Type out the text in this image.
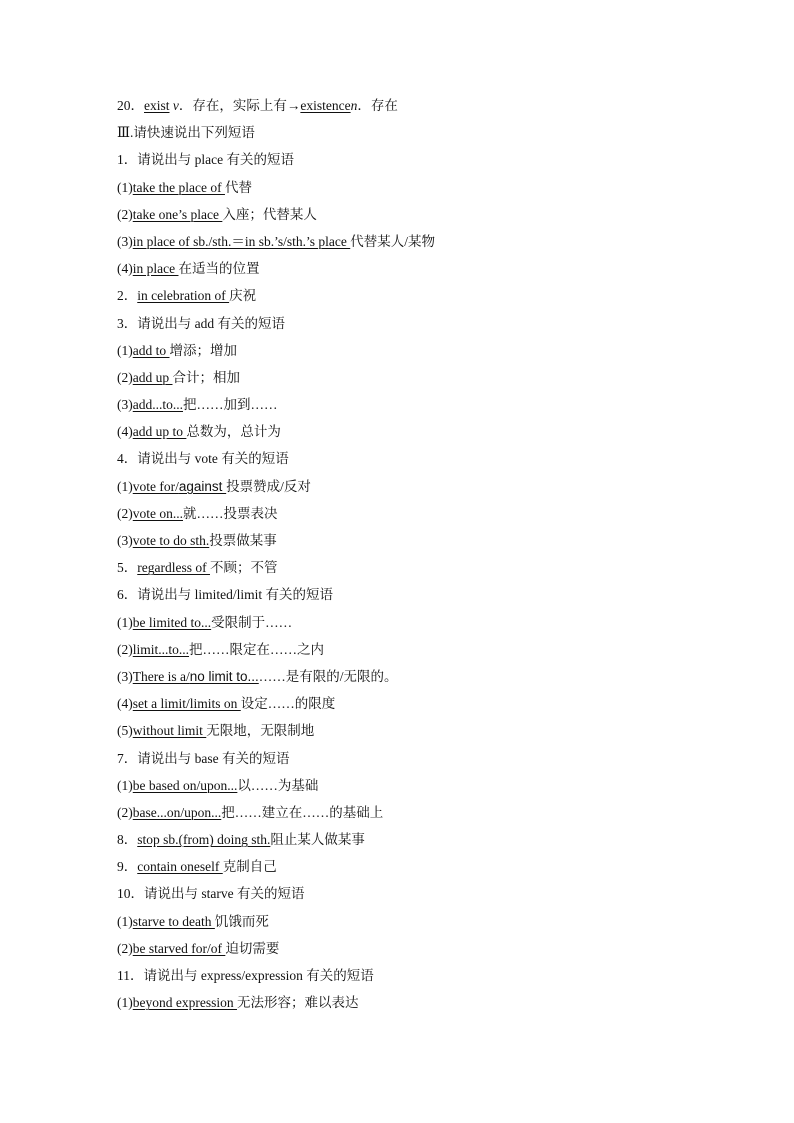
20．exist v．存在，实际上有→existencen．存在
Ⅲ.请快速说出下列短语
1．请说出与 place 有关的短语
(1)take the place of 代替
(2)take one’s place 入座；代替某人
(3)in place of sb./sth.＝in sb.’s/sth.’s place 代替某人/某物
(4)in place 在适当的位置
2．in celebration of 庆祝
3．请说出与 add 有关的短语
(1)add to 增添；增加
(2)add up 合计；相加
(3)add...to...把……加到……
(4)add up to 总数为，总计为
4．请说出与 vote 有关的短语
(1)vote for/against 投票赞成/反对
(2)vote on...就……投票表决
(3)vote to do sth.投票做某事
5．regardless of 不顾；不管
6．请说出与 limited/limit 有关的短语
(1)be limited to...受限制于……
(2)limit...to...把……限定在……之内
(3)There is a/no limit to...……是有限的/无限的。
(4)set a limit/limits on 设定……的限度
(5)without limit 无限地，无限制地
7．请说出与 base 有关的短语
(1)be based on/upon...以……为基础
(2)base...on/upon...把……建立在……的基础上
8．stop sb.(from) doing sth.阻止某人做某事
9．contain oneself 克制自己
10．请说出与 starve 有关的短语
(1)starve to death 饥饿而死
(2)be starved for/of 迫切需要
11．请说出与 express/expression 有关的短语
(1)beyond expression 无法形容；难以表达
